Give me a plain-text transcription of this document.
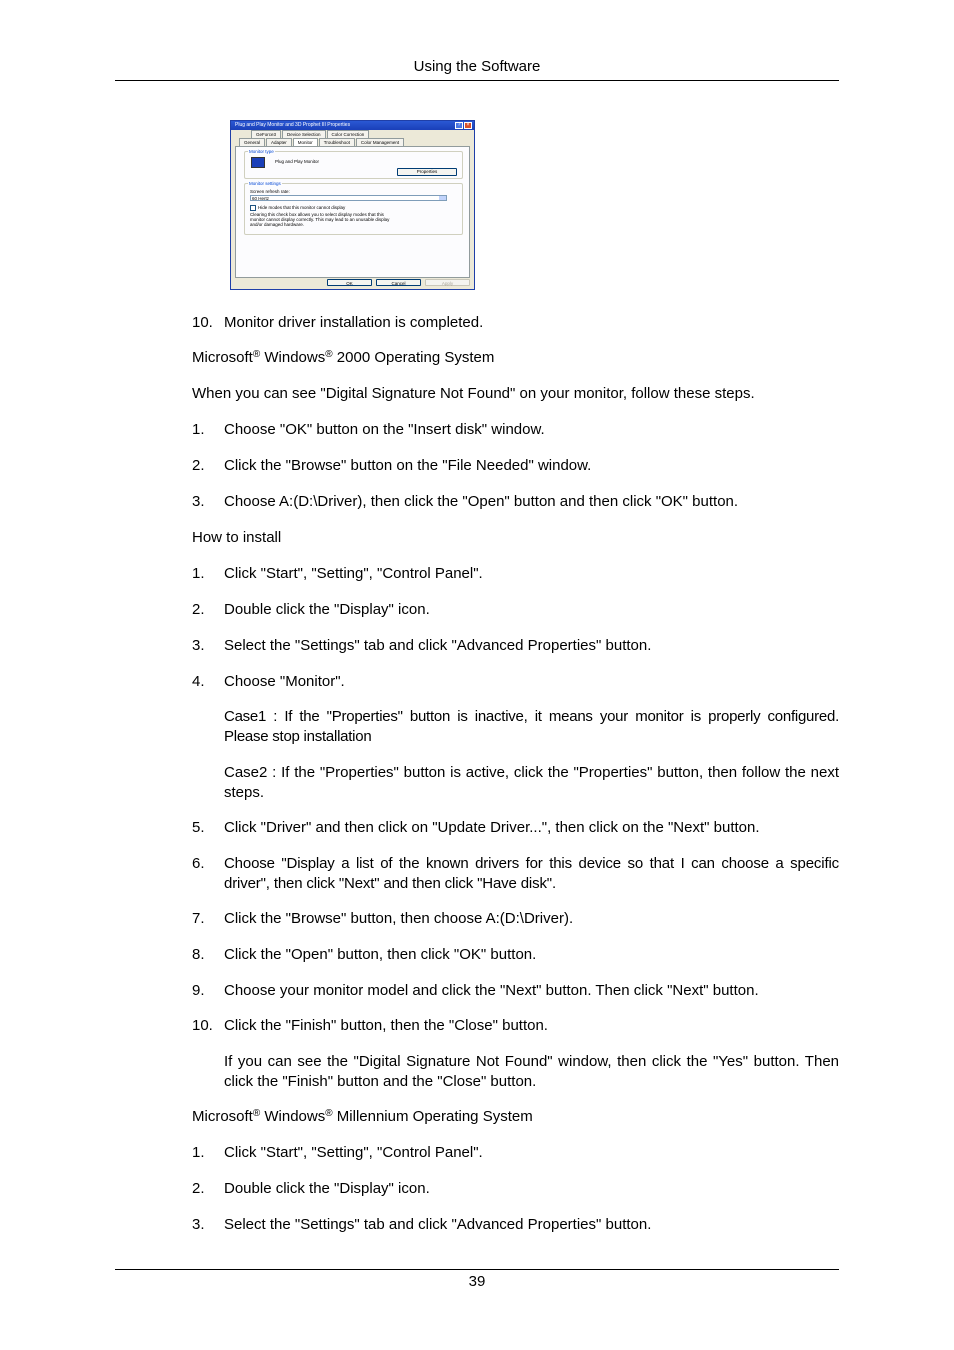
Using the Software
Plug and Play Monitor and 3D Prophet III Properties	?	×
GeForce3	Device Selection	Color Correction
General	Adapter	Monitor	Troubleshoot	Color Management
Monitor type
Plug and Play Monitor
Properties
Monitor settings
Screen refresh rate:
60 Hertz
Hide modes that this monitor cannot display
Clearing this check box allows you to select display modes that this
monitor cannot display correctly. This may lead to an unusable display
and/or damaged hardware.
OK	Cancel	Apply
10. Monitor driver installation is completed.
Microsoft® Windows® 2000 Operating System
When you can see "Digital Signature Not Found" on your monitor, follow these steps.
1. Choose "OK" button on the "Insert disk" window.
2. Click the "Browse" button on the "File Needed" window.
3. Choose A:(D:\Driver), then click the "Open" button and then click "OK" button.
How to install
1. Click "Start", "Setting", "Control Panel".
2. Double click the "Display" icon.
3. Select the "Settings" tab and click "Advanced Properties" button.
4. Choose "Monitor".
Case1 : If the "Properties" button is inactive, it means your monitor is properly configured. Please stop installation
Case2 : If the "Properties" button is active, click the "Properties" button, then follow the next steps.
5. Click "Driver" and then click on "Update Driver...", then click on the "Next" button.
6. Choose "Display a list of the known drivers for this device so that I can choose a specific driver", then click "Next" and then click "Have disk".
7. Click the "Browse" button, then choose A:(D:\Driver).
8. Click the "Open" button, then click "OK" button.
9. Choose your monitor model and click the "Next" button. Then click "Next" button.
10. Click the "Finish" button, then the "Close" button.
If you can see the "Digital Signature Not Found" window, then click the "Yes" button. Then click the "Finish" button and the "Close" button.
Microsoft® Windows® Millennium Operating System
1. Click "Start", "Setting", "Control Panel".
2. Double click the "Display" icon.
3. Select the "Settings" tab and click "Advanced Properties" button.
39
